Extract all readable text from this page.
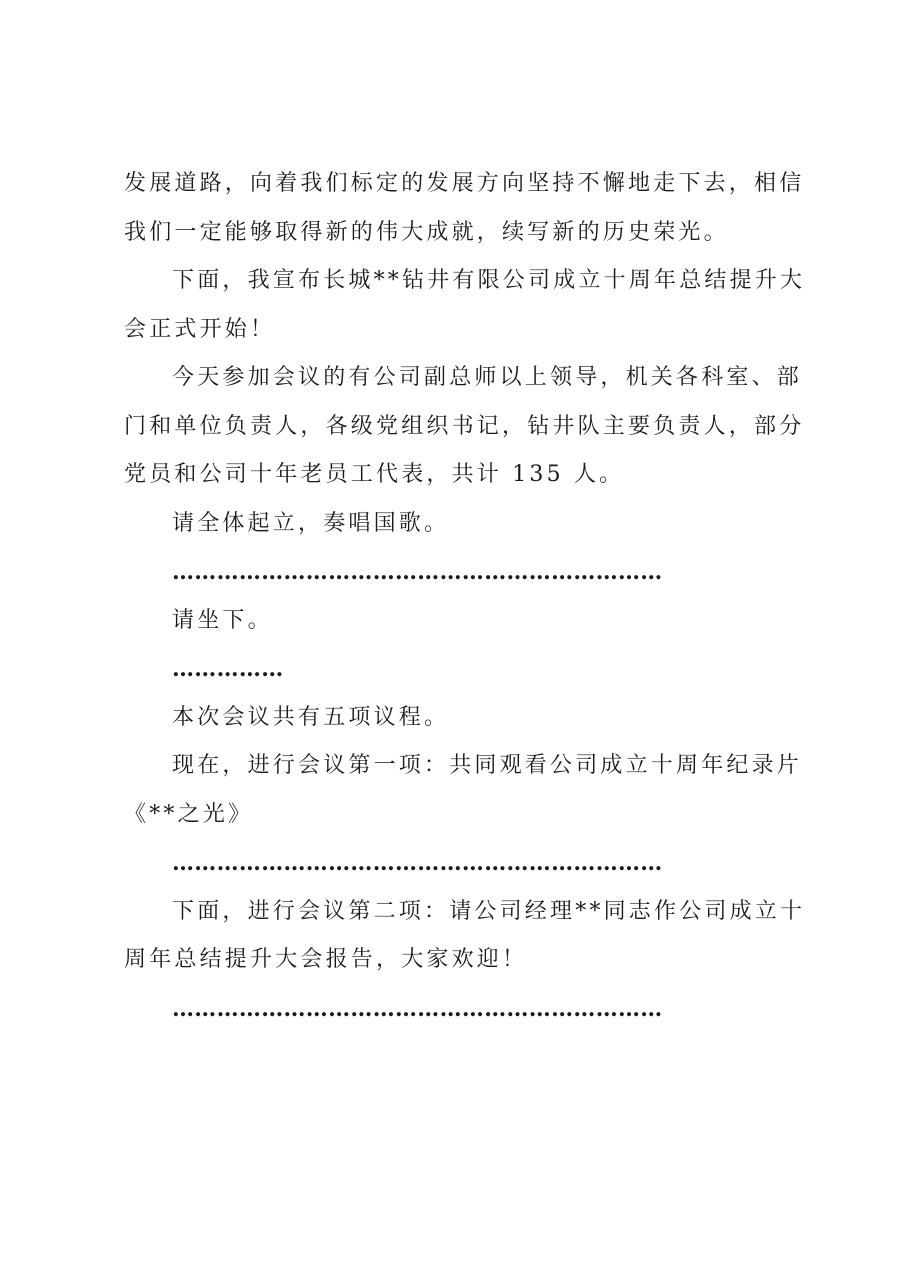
发展道路，向着我们标定的发展方向坚持不懈地走下去，相信
我们一定能够取得新的伟大成就，续写新的历史荣光。
下面，我宣布长城**钻井有限公司成立十周年总结提升大
会正式开始！
今天参加会议的有公司副总师以上领导，机关各科室、部
门和单位负责人，各级党组织书记，钻井队主要负责人，部分
党员和公司十年老员工代表，共计 135 人。
请全体起立，奏唱国歌。
…………………………………………………………
请坐下。
……………
本次会议共有五项议程。
现在，进行会议第一项：共同观看公司成立十周年纪录片
《**之光》
…………………………………………………………
下面，进行会议第二项：请公司经理**同志作公司成立十
周年总结提升大会报告，大家欢迎！
…………………………………………………………
